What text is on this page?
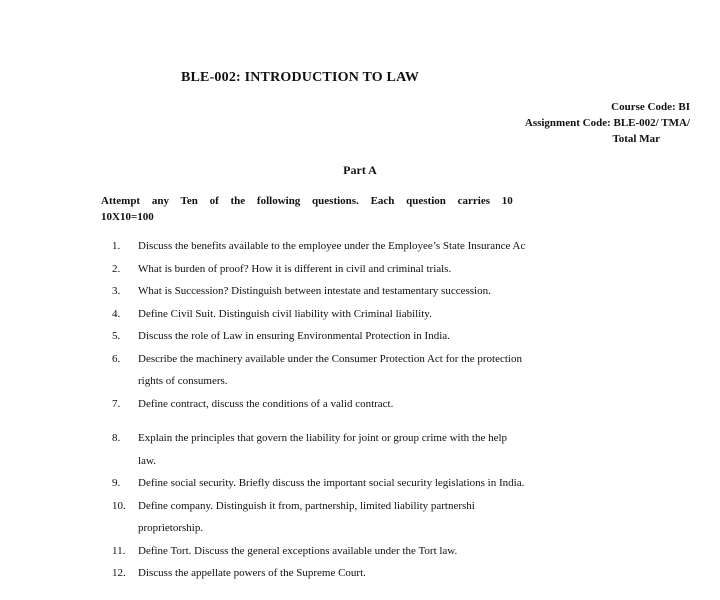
BLE-002: INTRODUCTION TO LAW
Course Code: BI
Assignment Code: BLE-002/ TMA/
Total Mar
Part A
Attempt any Ten of the following questions. Each question carries 10
10X10=100
1.	Discuss the benefits available to the employee under the Employee’s State Insurance Ac
2.	What is burden of proof? How it is different in civil and criminal trials.
3.	What is Succession? Distinguish between intestate and testamentary succession.
4.	Define Civil Suit. Distinguish civil liability with Criminal liability.
5.	Discuss the role of Law in ensuring Environmental Protection in India.
6.	Describe the machinery available under the Consumer Protection Act for the protection
rights of consumers.
7.	Define contract, discuss the conditions of a valid contract.
8.	Explain the principles that govern the liability for joint or group crime with the help
law.
9.	Define social security. Briefly discuss the important social security legislations in India.
10.	Define company. Distinguish it from, partnership, limited liability partnershi
proprietorship.
11.	Define Tort. Discuss the general exceptions available under the Tort law.
12.	Discuss the appellate powers of the Supreme Court.
